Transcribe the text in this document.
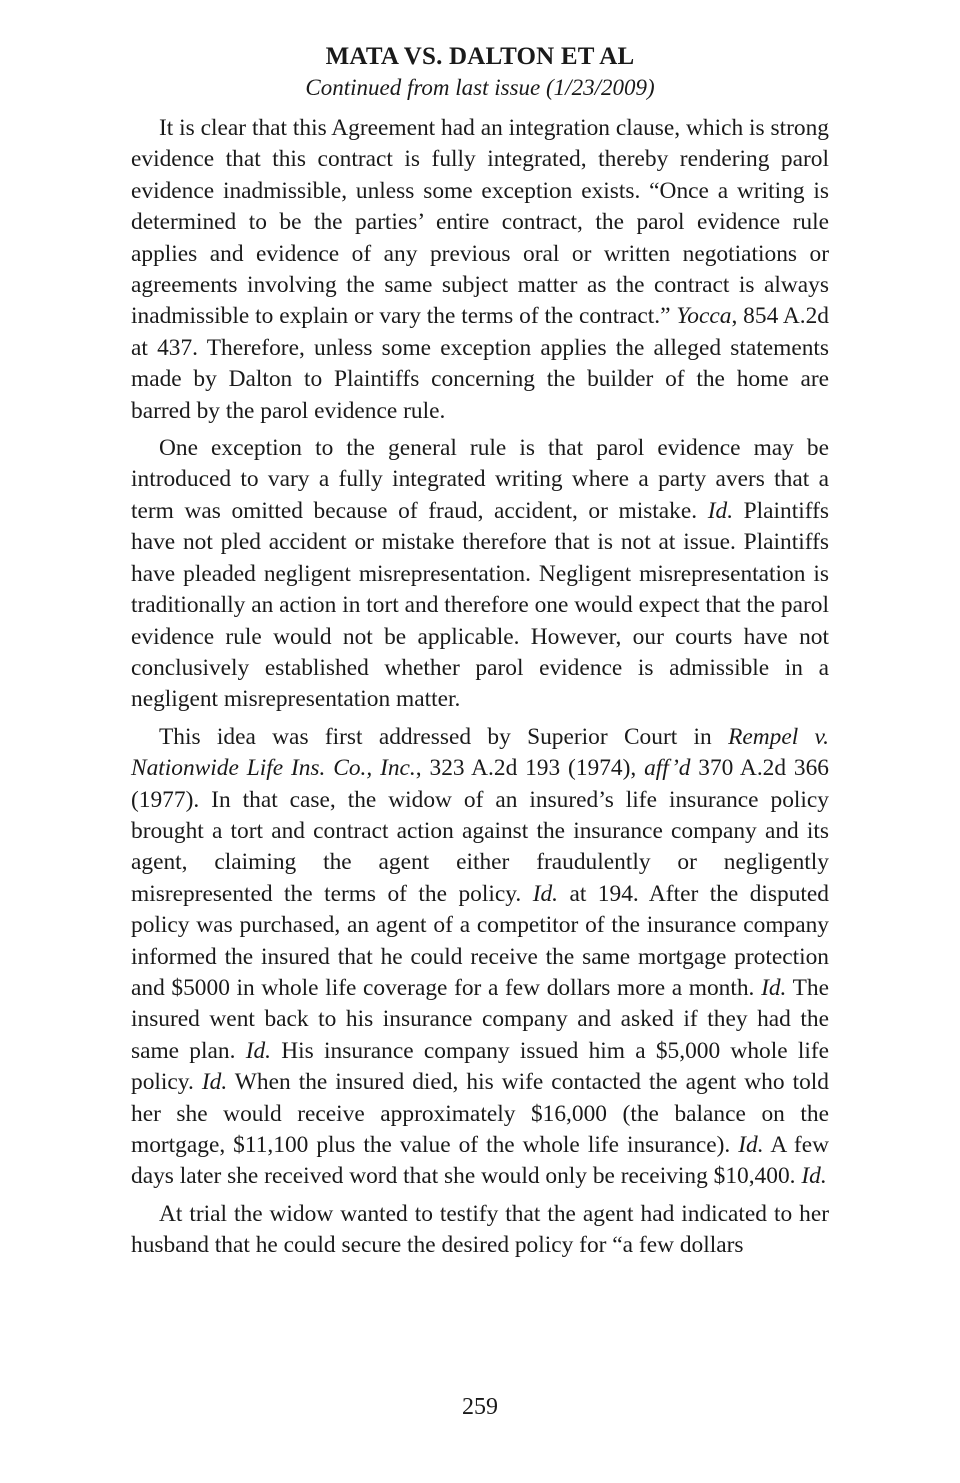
MATA VS. DALTON ET AL
Continued from last issue (1/23/2009)

It is clear that this Agreement had an integration clause, which is strong evidence that this contract is fully integrated, thereby rendering parol evidence inadmissible, unless some exception exists. “Once a writing is determined to be the parties’ entire contract, the parol evidence rule applies and evidence of any previous oral or written negotiations or agreements involving the same subject matter as the contract is always inadmissible to explain or vary the terms of the contract.” Yocca, 854 A.2d at 437. Therefore, unless some exception applies the alleged statements made by Dalton to Plaintiffs concerning the builder of the home are barred by the parol evidence rule.

One exception to the general rule is that parol evidence may be introduced to vary a fully integrated writing where a party avers that a term was omitted because of fraud, accident, or mistake. Id. Plaintiffs have not pled accident or mistake therefore that is not at issue. Plaintiffs have pleaded negligent misrepresentation. Negligent misrepresentation is traditionally an action in tort and therefore one would expect that the parol evidence rule would not be applicable. However, our courts have not conclusively established whether parol evidence is admissible in a negligent misrepresentation matter.

This idea was first addressed by Superior Court in Rempel v. Nationwide Life Ins. Co., Inc., 323 A.2d 193 (1974), aff’d 370 A.2d 366 (1977). In that case, the widow of an insured’s life insurance policy brought a tort and contract action against the insurance company and its agent, claiming the agent either fraudulently or negligently misrepresented the terms of the policy. Id. at 194. After the disputed policy was purchased, an agent of a competitor of the insurance company informed the insured that he could receive the same mortgage protection and $5000 in whole life coverage for a few dollars more a month. Id. The insured went back to his insurance company and asked if they had the same plan. Id. His insurance company issued him a $5,000 whole life policy. Id. When the insured died, his wife contacted the agent who told her she would receive approximately $16,000 (the balance on the mortgage, $11,100 plus the value of the whole life insurance). Id. A few days later she received word that she would only be receiving $10,400. Id.

At trial the widow wanted to testify that the agent had indicated to her husband that he could secure the desired policy for “a few dollars

259
